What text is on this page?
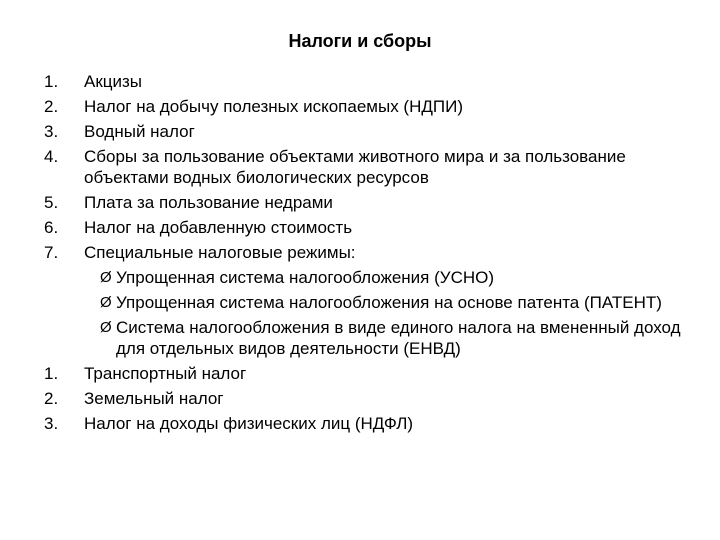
Налоги и сборы
1. Акцизы
2. Налог на добычу полезных ископаемых (НДПИ)
3. Водный налог
4. Сборы за пользование объектами животного мира и за пользование объектами водных биологических ресурсов
5. Плата за пользование недрами
6. Налог на добавленную стоимость
7. Специальные налоговые режимы:
Ø Упрощенная система налогообложения (УСНО)
Ø Упрощенная система налогообложения на основе патента (ПАТЕНТ)
Ø Система налогообложения в виде единого налога на вмененный доход для отдельных видов деятельности (ЕНВД)
1. Транспортный налог
2. Земельный налог
3. Налог на доходы физических лиц (НДФЛ)
